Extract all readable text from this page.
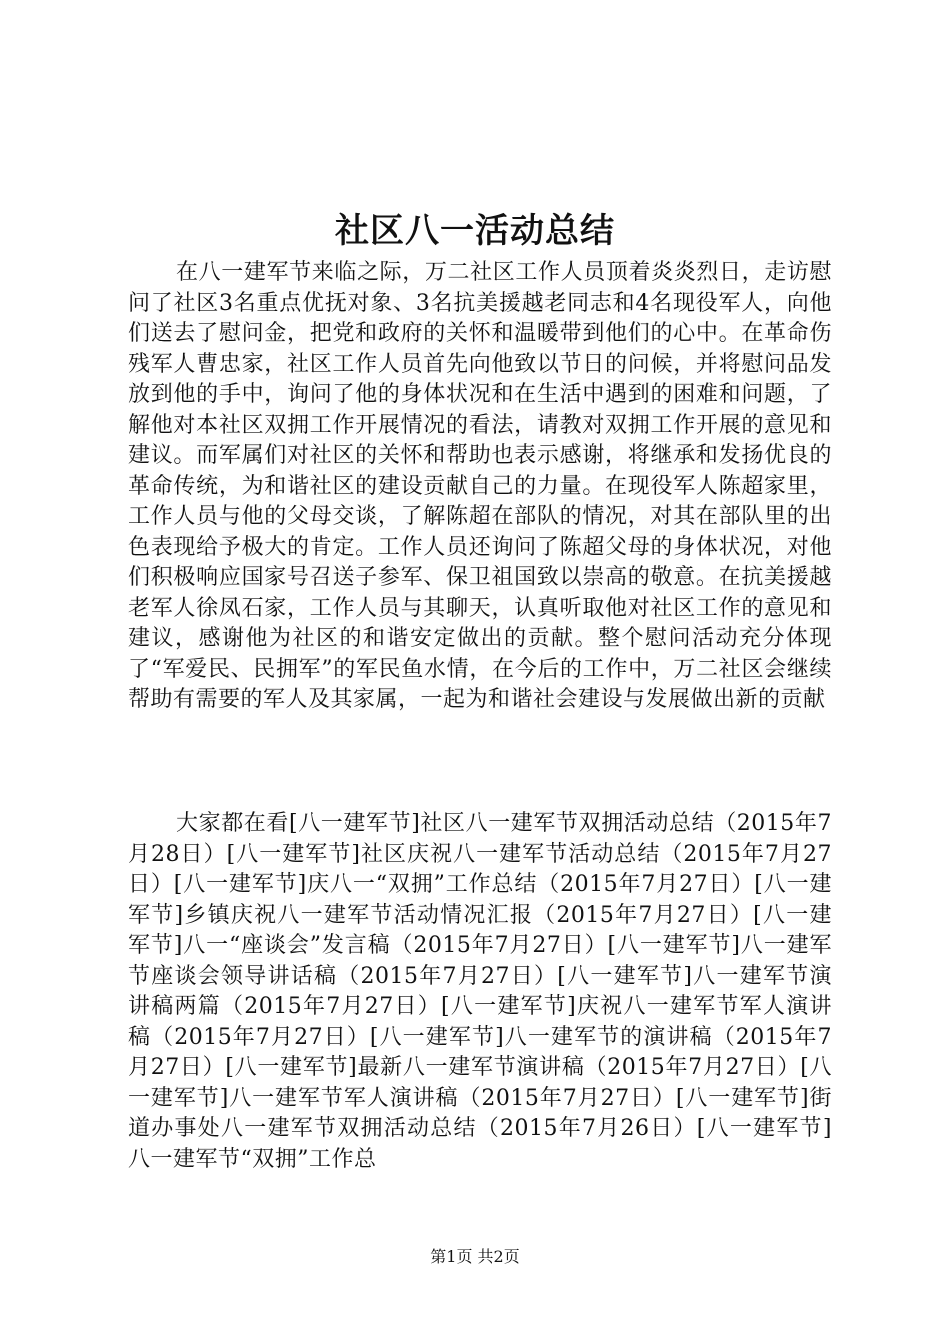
社区八一活动总结

在八一建军节来临之际，万二社区工作人员顶着炎炎烈日，走访慰问了社区3名重点优抚对象、3名抗美援越老同志和4名现役军人，向他们送去了慰问金，把党和政府的关怀和温暖带到他们的心中。在革命伤残军人曹忠家，社区工作人员首先向他致以节日的问候，并将慰问品发放到他的手中，询问了他的身体状况和在生活中遇到的困难和问题，了解他对本社区双拥工作开展情况的看法，请教对双拥工作开展的意见和建议。而军属们对社区的关怀和帮助也表示感谢，将继承和发扬优良的革命传统，为和谐社区的建设贡献自己的力量。在现役军人陈超家里，工作人员与他的父母交谈，了解陈超在部队的情况，对其在部队里的出色表现给予极大的肯定。工作人员还询问了陈超父母的身体状况，对他们积极响应国家号召送子参军、保卫祖国致以崇高的敬意。在抗美援越老军人徐凤石家，工作人员与其聊天，认真听取他对社区工作的意见和建议，感谢他为社区的和谐安定做出的贡献。整个慰问活动充分体现了“军爱民、民拥军”的军民鱼水情，在今后的工作中，万二社区会继续帮助有需要的军人及其家属，一起为和谐社会建设与发展做出新的贡献

大家都在看[八一建军节]社区八一建军节双拥活动总结（2015年7月28日）[八一建军节]社区庆祝八一建军节活动总结（2015年7月27日）[八一建军节]庆八一“双拥”工作总结（2015年7月27日）[八一建军节]乡镇庆祝八一建军节活动情况汇报（2015年7月27日）[八一建军节]八一“座谈会”发言稿（2015年7月27日）[八一建军节]八一建军节座谈会领导讲话稿（2015年7月27日）[八一建军节]八一建军节演讲稿两篇（2015年7月27日）[八一建军节]庆祝八一建军节军人演讲稿（2015年7月27日）[八一建军节]八一建军节的演讲稿（2015年7月27日）[八一建军节]最新八一建军节演讲稿（2015年7月27日）[八一建军节]八一建军节军人演讲稿（2015年7月27日）[八一建军节]街道办事处八一建军节双拥活动总结（2015年7月26日）[八一建军节]八一建军节“双拥”工作总

第1页 共2页
